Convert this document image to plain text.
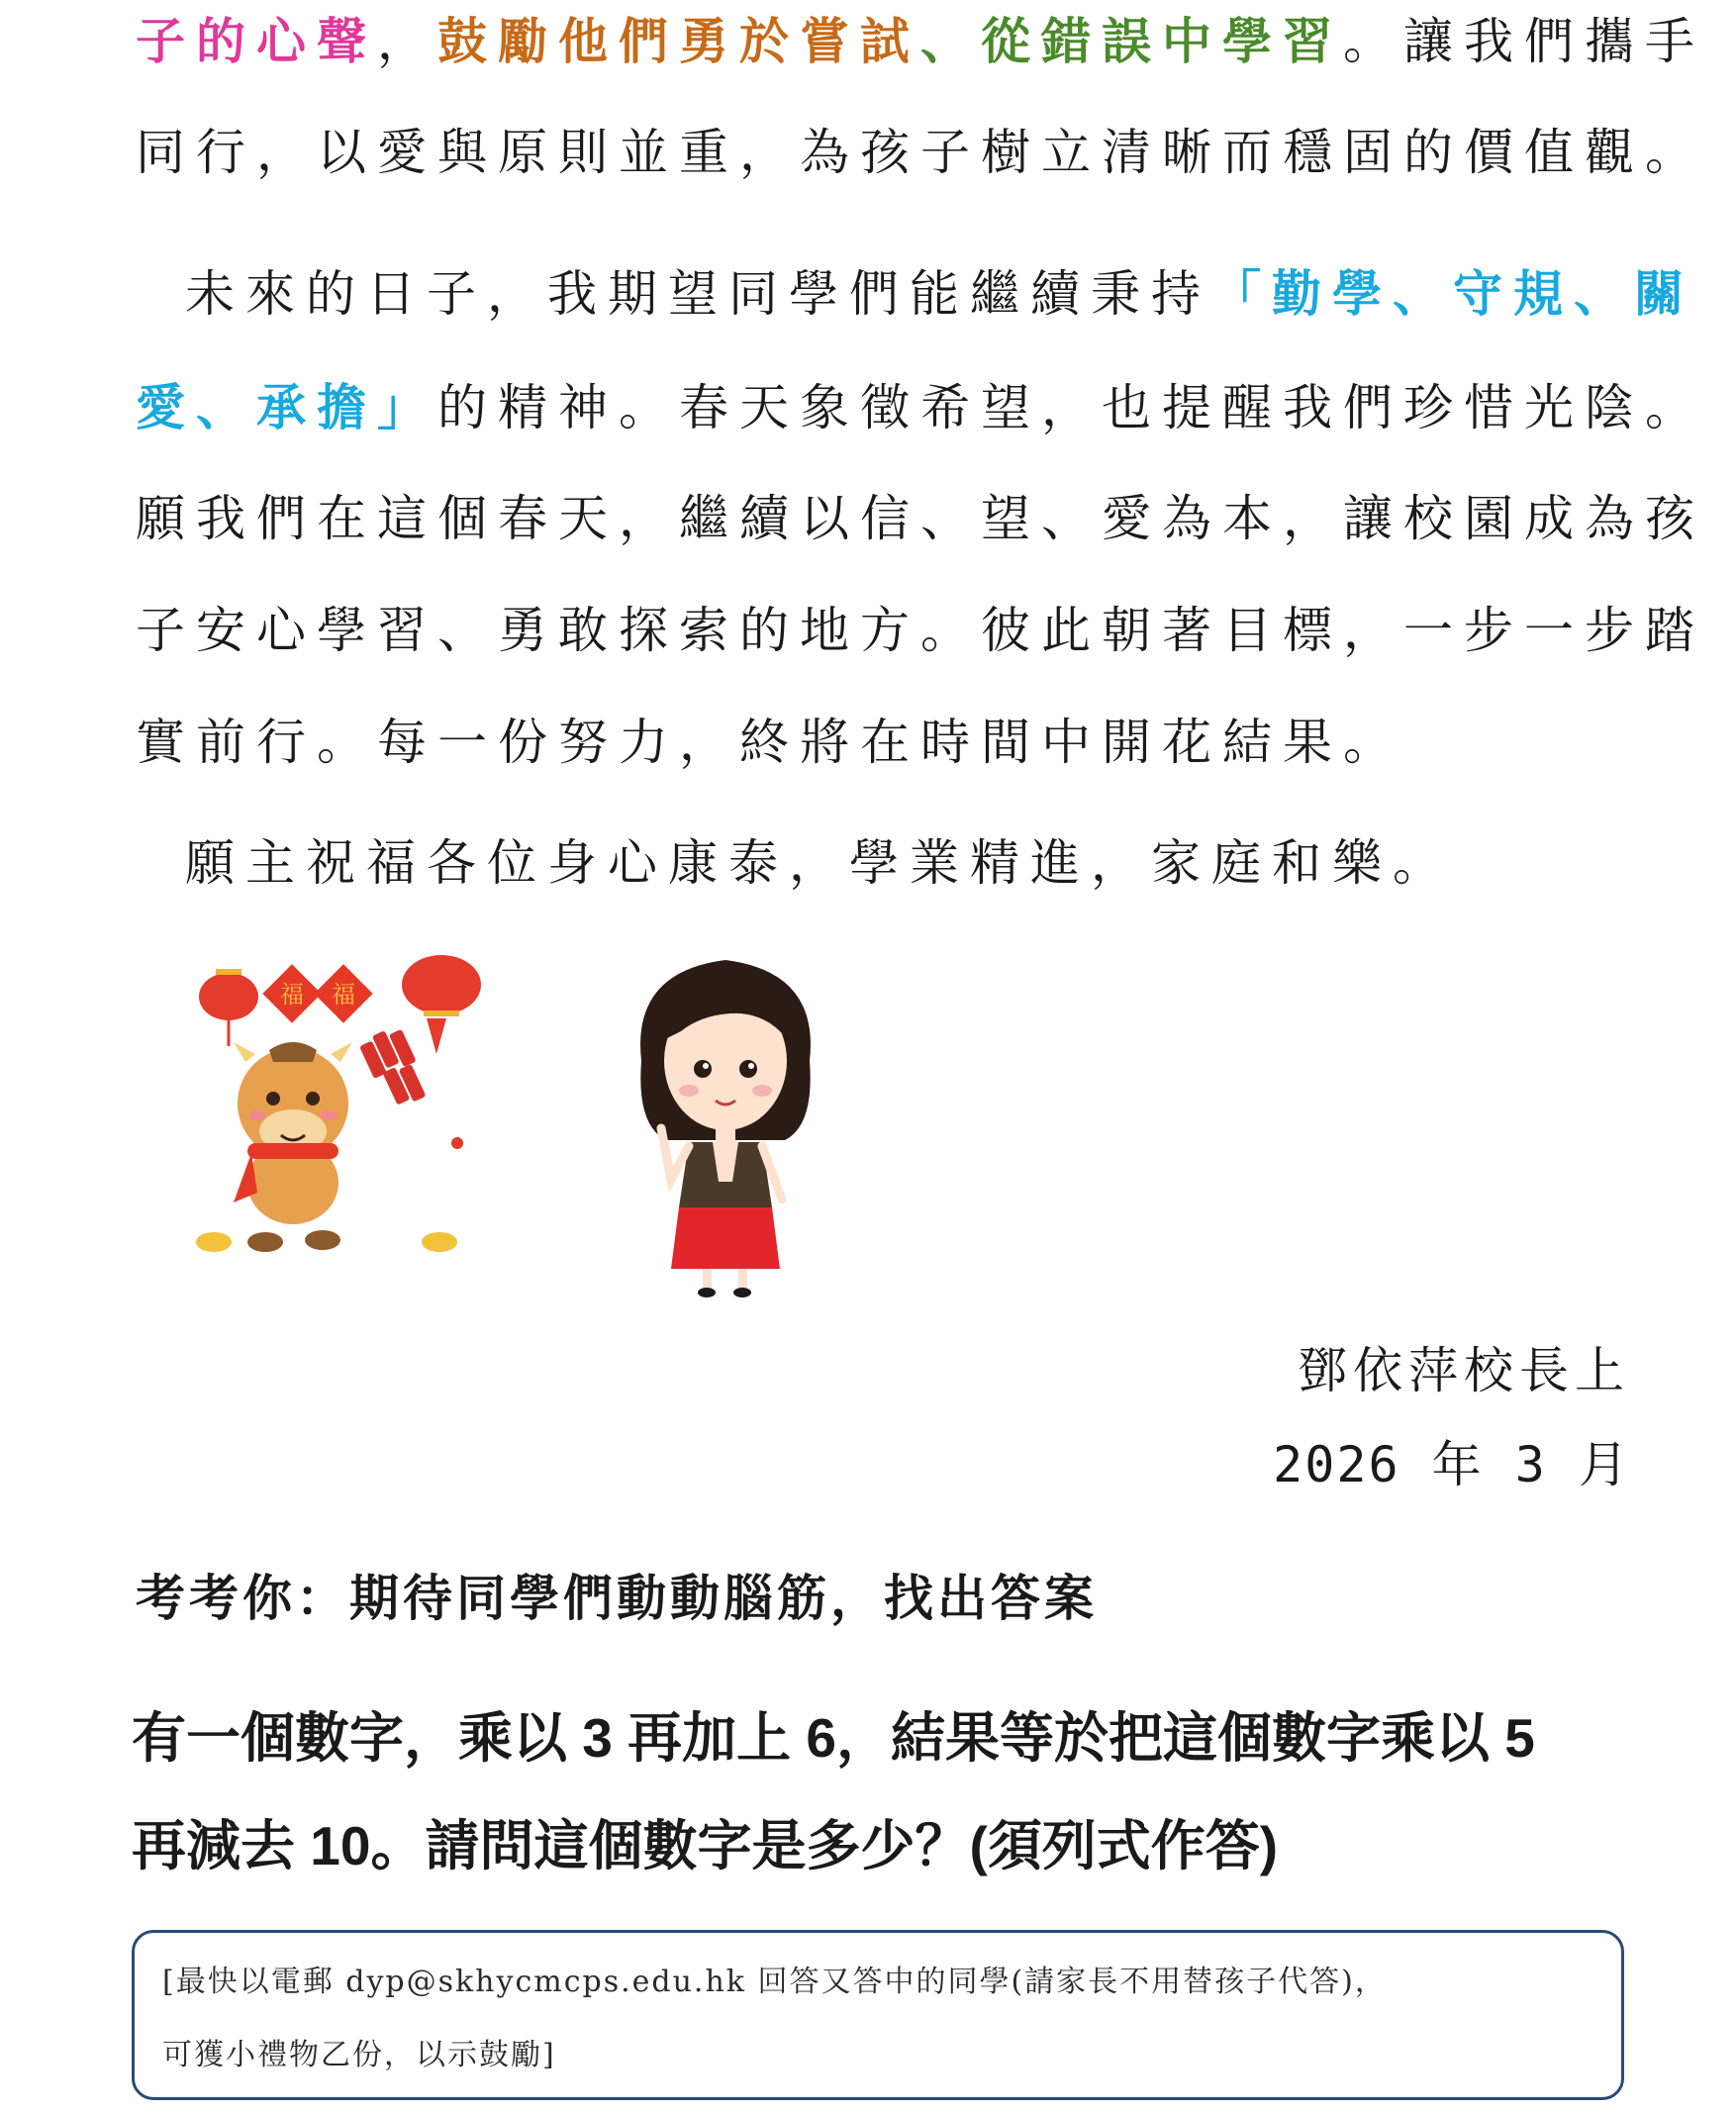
子的心聲，鼓勵他們勇於嘗試、從錯誤中學習。讓我們攜手
同行，以愛與原則並重，為孩子樹立清晰而穩固的價值觀。
未來的日子，我期望同學們能繼續秉持「勤學、守規、關
愛、承擔」的精神。春天象徵希望，也提醒我們珍惜光陰。
願我們在這個春天，繼續以信、望、愛為本，讓校園成為孩
子安心學習、勇敢探索的地方。彼此朝著目標，一步一步踏
實前行。每一份努力，終將在時間中開花結果。
願主祝福各位身心康泰，學業精進，家庭和樂。
福 福
鄧依萍校長上
2026 年 3 月
考考你：期待同學們動動腦筋，找出答案
有一個數字，乘以 3 再加上 6，結果等於把這個數字乘以 5
再減去 10。請問這個數字是多少？(須列式作答)
[最快以電郵 dyp@skhycmcps.edu.hk 回答又答中的同學(請家長不用替孩子代答)，
可獲小禮物乙份，以示鼓勵]
